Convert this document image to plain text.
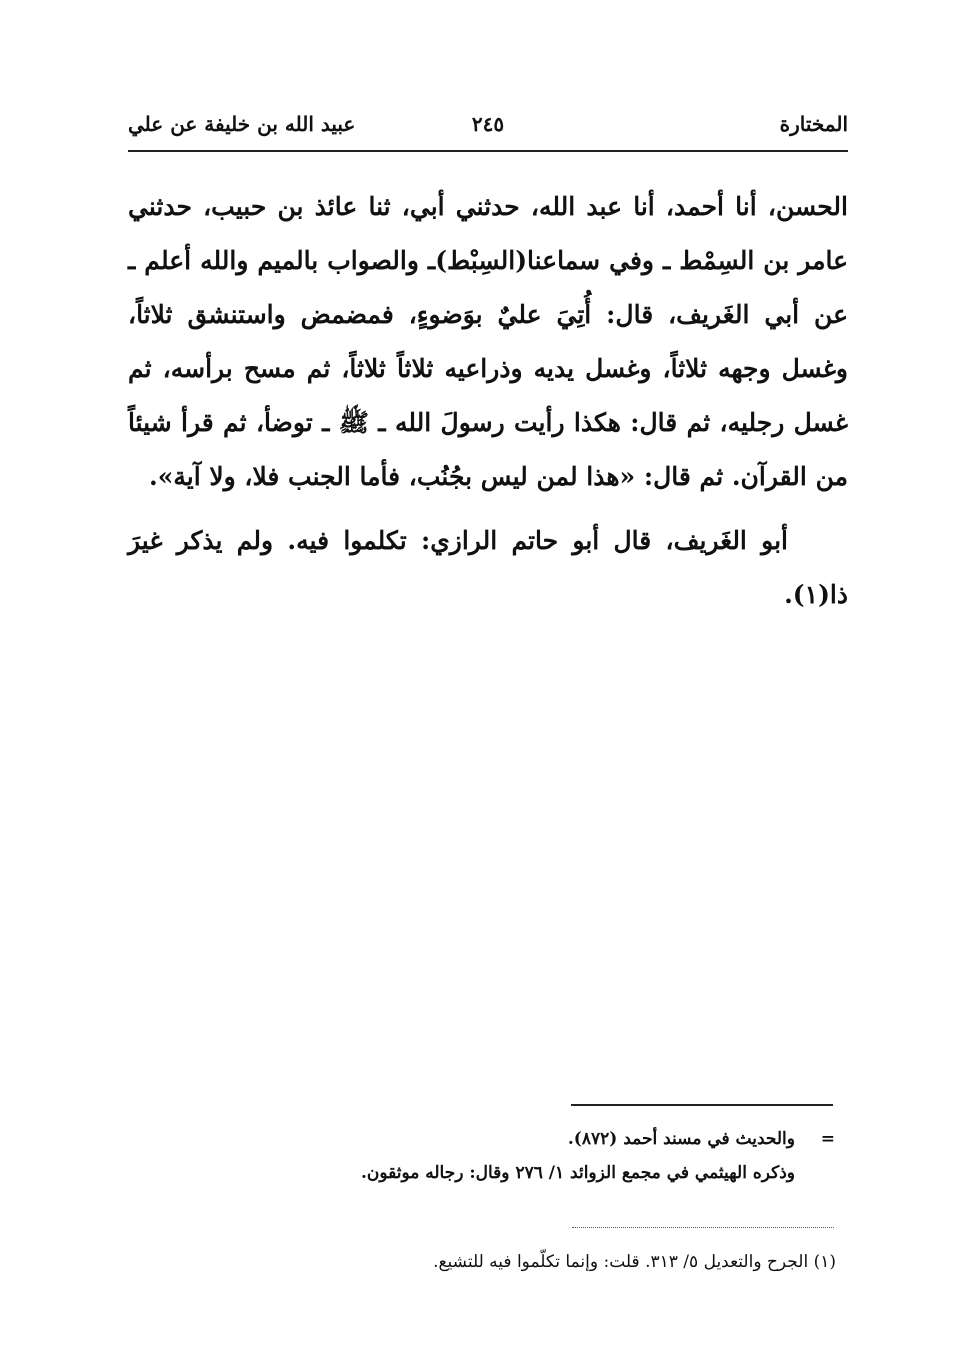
المختارة
٢٤٥
عبيد الله بن خليفة عن علي

الحسن، أنا أحمد، أنا عبد الله، حدثني أبي، ثنا عائذ بن حبيب، حدثني عامر بن السِمْط ـ وفي سماعنا(السِبْط)ـ والصواب بالميم والله أعلم ـ عن أبي الغَريف، قال: أُتِيَ عليٌ بوَضوءٍ، فمضمض واستنشق ثلاثاً، وغسل وجهه ثلاثاً، وغسل يديه وذراعيه ثلاثاً ثلاثاً، ثم مسح برأسه، ثم غسل رجليه، ثم قال: هكذا رأيت رسولَ الله ـ ﷺ ـ توضأ، ثم قرأ شيئاً من القرآن. ثم قال: «هذا لمن ليس بجُنُب، فأما الجنب فلا، ولا آية».

أبو الغَريف، قال أبو حاتم الرازي: تكلموا فيه. ولم يذكر غيرَ ذا(١).

=والحديث في مسند أحمد (٨٧٢).

وذكره الهيثمي في مجمع الزوائد ١/ ٢٧٦ وقال: رجاله موثقون.

(١) الجرح والتعديل ٥/ ٣١٣. قلت: وإنما تكلّموا فيه للتشيع.
